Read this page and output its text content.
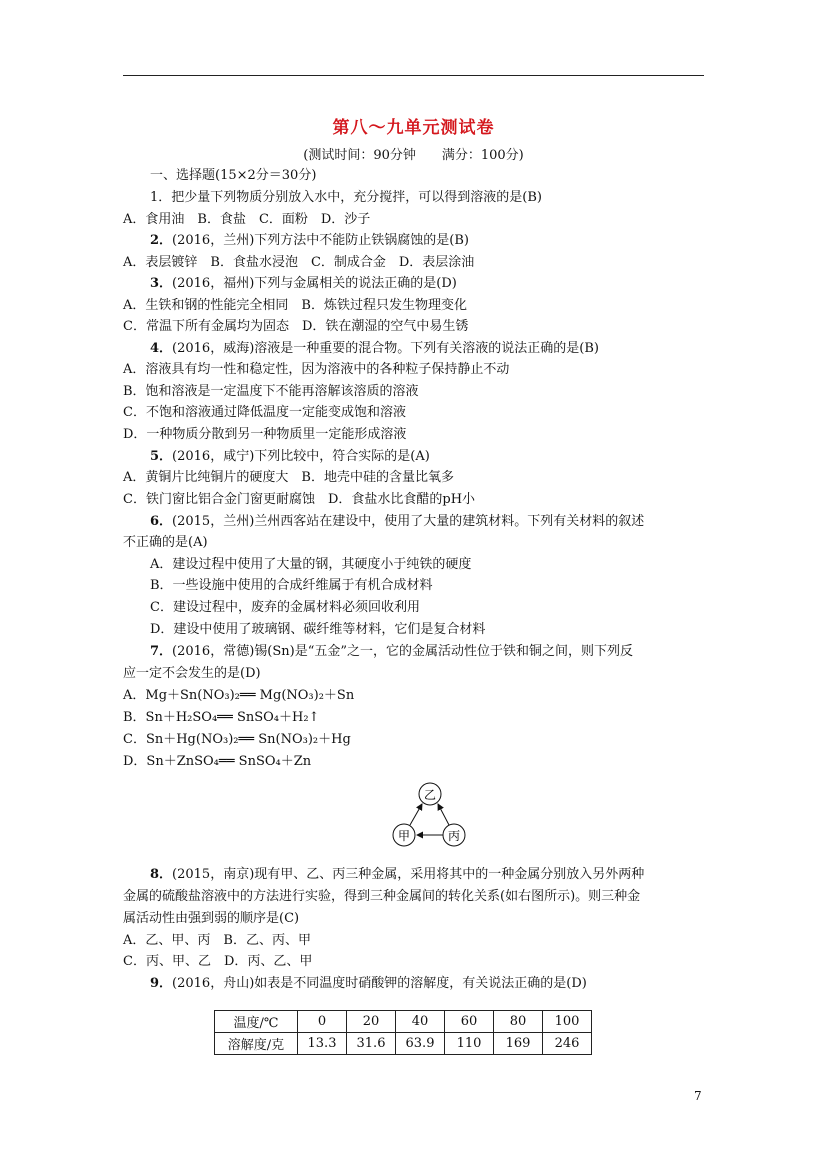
第八～九单元测试卷
(测试时间：90分钟　　满分：100分)
一、选择题(15×2分＝30分)
1．把少量下列物质分别放入水中，充分搅拌，可以得到溶液的是(B)
A．食用油　B．食盐　C．面粉　D．沙子
2．(2016，兰州)下列方法中不能防止铁锅腐蚀的是(B)
A．表层镀锌　B．食盐水浸泡　C．制成合金　D．表层涂油
3．(2016，福州)下列与金属相关的说法正确的是(D)
A．生铁和钢的性能完全相同　B．炼铁过程只发生物理变化
C．常温下所有金属均为固态　D．铁在潮湿的空气中易生锈
4．(2016，威海)溶液是一种重要的混合物。下列有关溶液的说法正确的是(B)
A．溶液具有均一性和稳定性，因为溶液中的各种粒子保持静止不动
B．饱和溶液是一定温度下不能再溶解该溶质的溶液
C．不饱和溶液通过降低温度一定能变成饱和溶液
D．一种物质分散到另一种物质里一定能形成溶液
5．(2016，咸宁)下列比较中，符合实际的是(A)
A．黄铜片比纯铜片的硬度大　B．地壳中硅的含量比氧多
C．铁门窗比铝合金门窗更耐腐蚀　D．食盐水比食醋的pH小
6．(2015，兰州)兰州西客站在建设中，使用了大量的建筑材料。下列有关材料的叙述
不正确的是(A)
A．建设过程中使用了大量的钢，其硬度小于纯铁的硬度
B．一些设施中使用的合成纤维属于有机合成材料
C．建设过程中，废弃的金属材料必须回收利用
D．建设中使用了玻璃钢、碳纤维等材料，它们是复合材料
7．(2016，常德)锡(Sn)是“五金”之一，它的金属活动性位于铁和铜之间，则下列反
应一定不会发生的是(D)
A．Mg＋Sn(NO₃)₂══ Mg(NO₃)₂＋Sn
B．Sn＋H₂SO₄══ SnSO₄＋H₂↑
C．Sn＋Hg(NO₃)₂══ Sn(NO₃)₂＋Hg
D．Sn＋ZnSO₄══ SnSO₄＋Zn
乙
甲	丙
8．(2015，南京)现有甲、乙、丙三种金属，采用将其中的一种金属分别放入另外两种
金属的硫酸盐溶液中的方法进行实验，得到三种金属间的转化关系(如右图所示)。则三种金
属活动性由强到弱的顺序是(C)
A．乙、甲、丙　B．乙、丙、甲
C．丙、甲、乙　D．丙、乙、甲
9．(2016，舟山)如表是不同温度时硝酸钾的溶解度，有关说法正确的是(D)
温度/℃	0	20	40	60	80	100
溶解度/克	13.3	31.6	63.9	110	169	246
7
